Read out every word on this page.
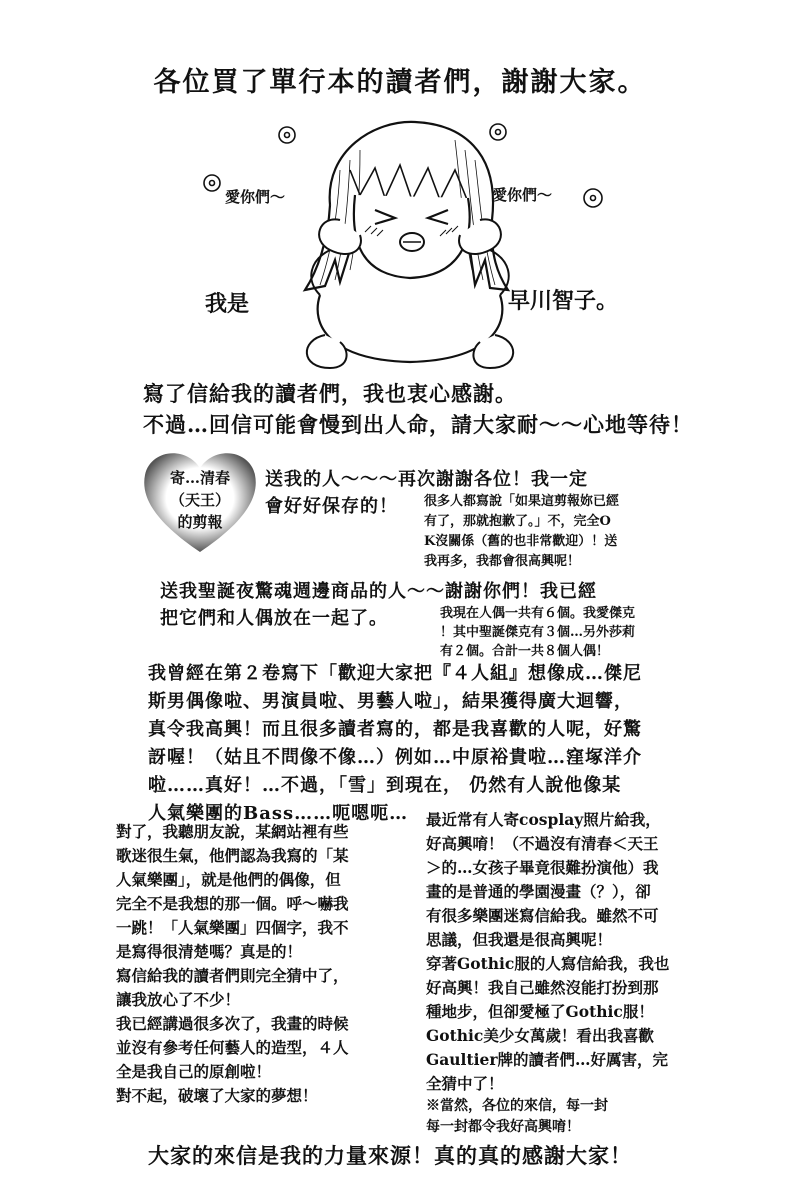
各位買了單行本的讀者們，謝謝大家。
愛你們～	愛你們～
我是	早川智子。
寫了信給我的讀者們，我也衷心感謝。
不過…回信可能會慢到出人命，請大家耐～～心地等待！
寄…清春
（天王）
的剪報
送我的人～～～再次謝謝各位！我一定
會好好保存的！	很多人都寫說「如果這剪報妳已經
有了，那就抱歉了。」不，完全O
K沒關係（舊的也非常歡迎）！送
我再多，我都會很高興呢！
送我聖誕夜驚魂週邊商品的人～～謝謝你們！我已經
把它們和人偶放在一起了。	我現在人偶一共有６個。我愛傑克
！其中聖誕傑克有３個…另外莎莉
有２個。合計一共８個人偶！
我曾經在第２卷寫下「歡迎大家把『４人組』想像成…傑尼
斯男偶像啦、男演員啦、男藝人啦」，結果獲得廣大迴響，
真令我高興！而且很多讀者寫的，都是我喜歡的人呢，好驚
訝喔！（姑且不問像不像…）例如…中原裕貴啦…窪塚洋介
啦……真好！…不過，「雪」到現在， 仍然有人說他像某
人氣樂團的Bass……呃嗯呃…
對了，我聽朋友說，某網站裡有些
歌迷很生氣，他們認為我寫的「某
人氣樂團」，就是他們的偶像，但
完全不是我想的那一個。呼～嚇我
一跳！「人氣樂團」四個字，我不
是寫得很清楚嗎？真是的！
寫信給我的讀者們則完全猜中了，
讓我放心了不少！
我已經講過很多次了，我畫的時候
並沒有參考任何藝人的造型，４人
全是我自己的原創啦！
對不起，破壞了大家的夢想！
最近常有人寄cosplay照片給我，
好高興唷！（不過沒有清春＜天王
＞的…女孩子畢竟很難扮演他）我
畫的是普通的學園漫畫（？），卻
有很多樂團迷寫信給我。雖然不可
思議，但我還是很高興呢！
穿著Gothic服的人寫信給我，我也
好高興！我自己雖然沒能打扮到那
種地步，但卻愛極了Gothic服！
Gothic美少女萬歲！看出我喜歡
Gaultier牌的讀者們…好厲害，完
全猜中了！
※當然，各位的來信，每一封
每一封都令我好高興唷！
大家的來信是我的力量來源！真的真的感謝大家！
